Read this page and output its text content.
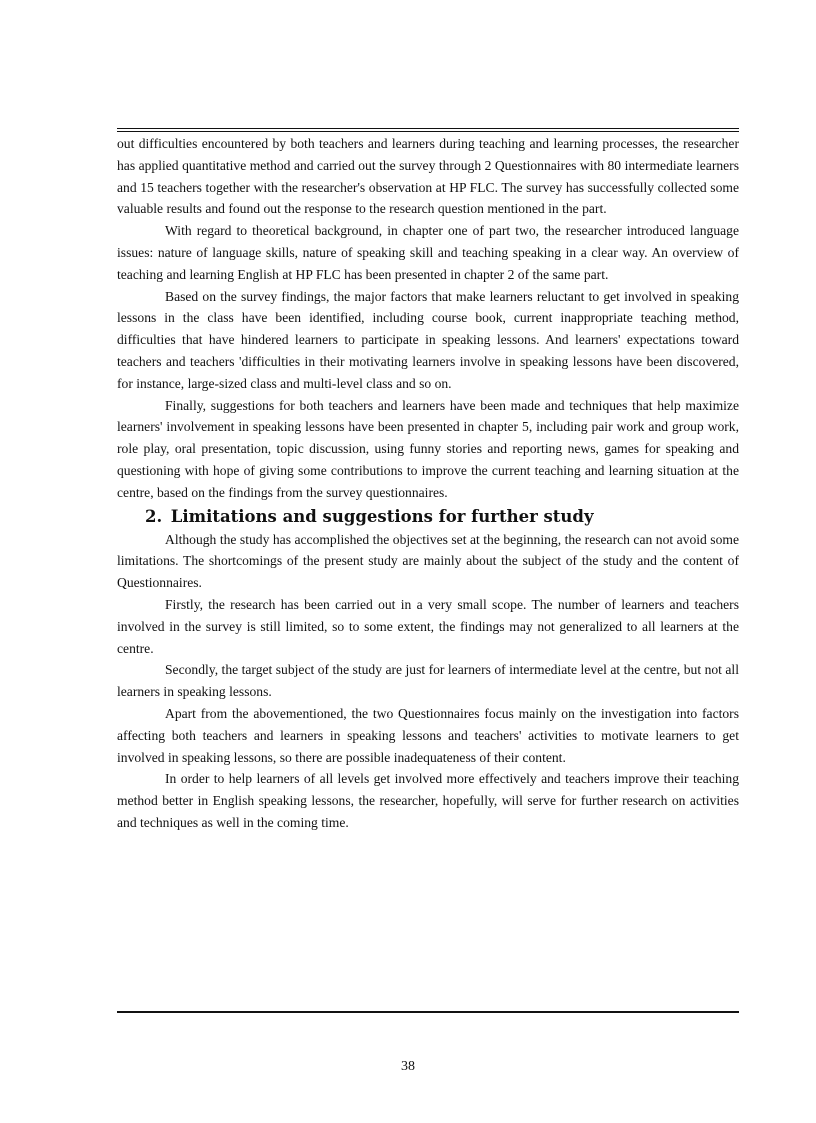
out difficulties encountered by both teachers and learners during teaching and learning processes, the researcher has applied quantitative method and carried out the survey through 2 Questionnaires with 80 intermediate learners and 15 teachers together with the researcher's observation at HP FLC. The survey has successfully collected some valuable results and found out the response to the research question mentioned in the part.

With regard to theoretical background, in chapter one of part two, the researcher introduced language issues: nature of language skills, nature of speaking skill and teaching speaking in a clear way. An overview of teaching and learning English at HP FLC has been presented in chapter 2 of the same part.

Based on the survey findings, the major factors that make learners reluctant to get involved in speaking lessons in the class have been identified, including course book, current inappropriate teaching method, difficulties that have hindered learners to participate in speaking lessons. And learners' expectations toward teachers and teachers 'difficulties in their motivating learners involve in speaking lessons have been discovered, for instance, large-sized class and multi-level class and so on.

Finally, suggestions for both teachers and learners have been made and techniques that help maximize learners' involvement in speaking lessons have been presented in chapter 5, including pair work and group work, role play, oral presentation, topic discussion, using funny stories and reporting news, games for speaking and questioning with hope of giving some contributions to improve the current teaching and learning situation at the centre, based on the findings from the survey questionnaires.

2. Limitations and suggestions for further study

Although the study has accomplished the objectives set at the beginning, the research can not avoid some limitations. The shortcomings of the present study are mainly about the subject of the study and the content of Questionnaires.

Firstly, the research has been carried out in a very small scope. The number of learners and teachers involved in the survey is still limited, so to some extent, the findings may not generalized to all learners at the centre.

Secondly, the target subject of the study are just for learners of intermediate level at the centre, but not all learners in speaking lessons.

Apart from the abovementioned, the two Questionnaires focus mainly on the investigation into factors affecting both teachers and learners in speaking lessons and teachers' activities to motivate learners to get involved in speaking lessons, so there are possible inadequateness of their content.

In order to help learners of all levels get involved more effectively and teachers improve their teaching method better in English speaking lessons, the researcher, hopefully, will serve for further research on activities and techniques as well in the coming time.

38
